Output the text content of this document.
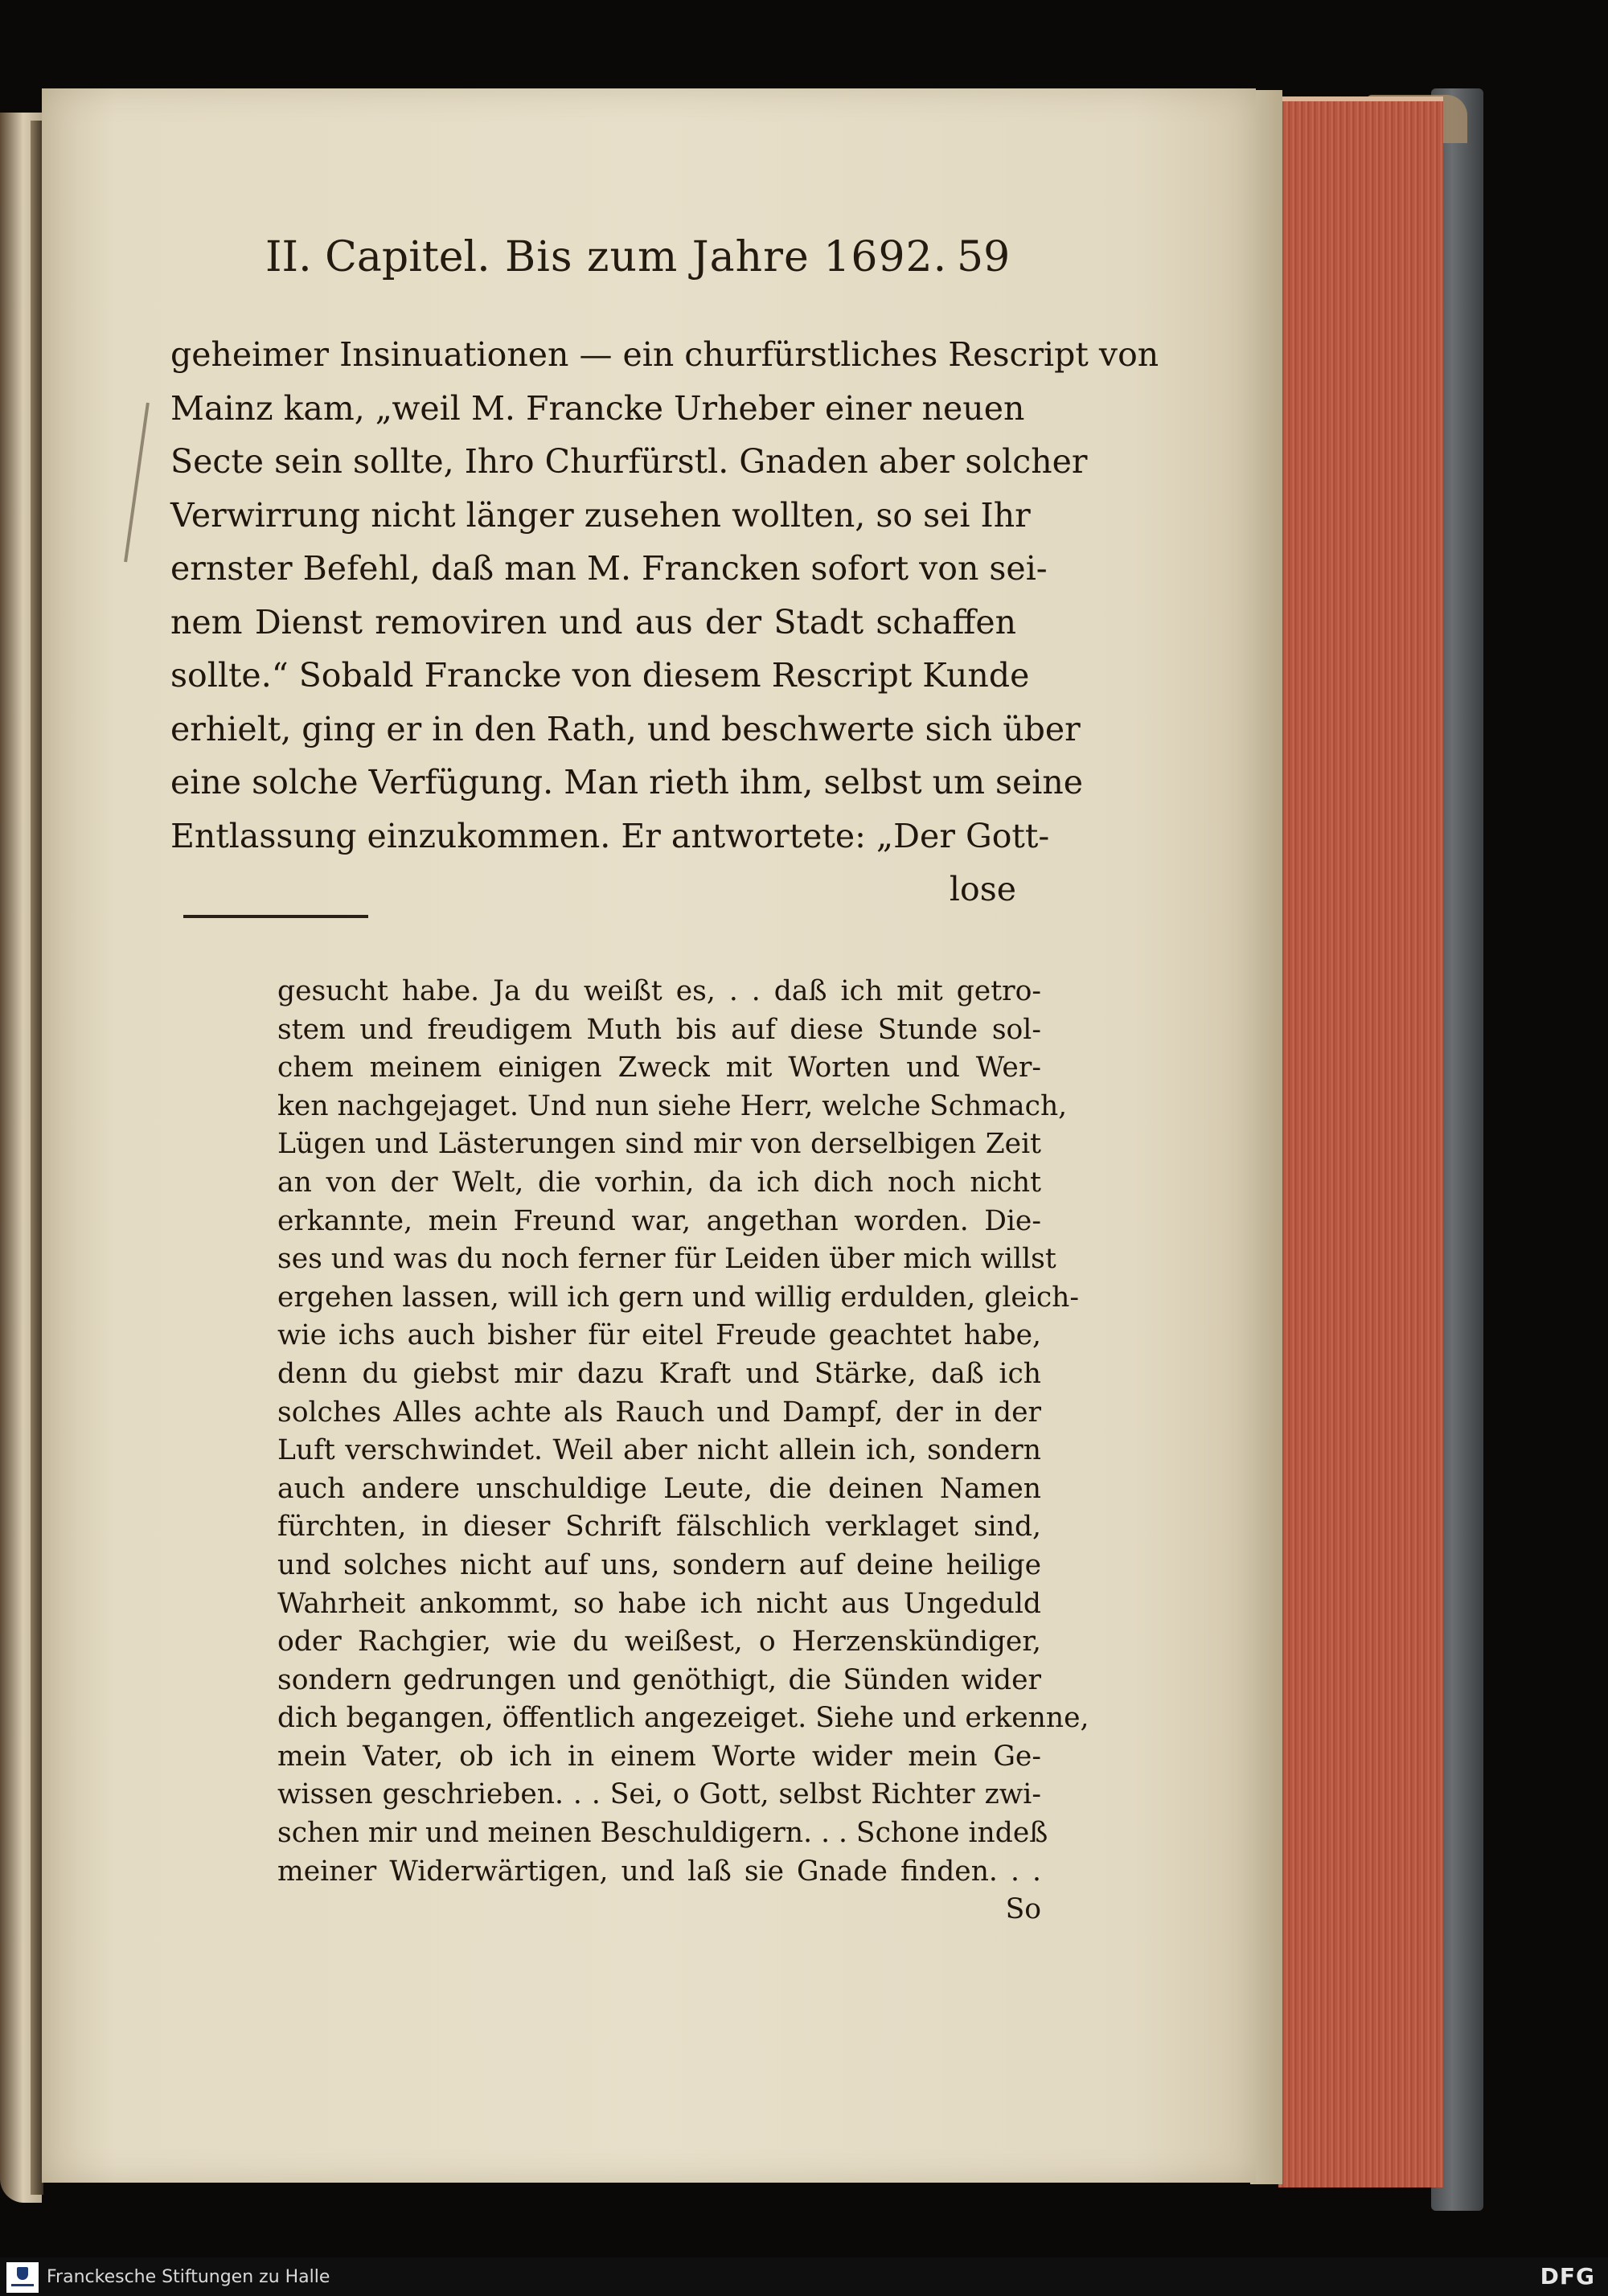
II. Capitel. Bis zum Jahre 1692. 59
geheimer Insinuationen — ein churfürstliches Rescript von
Mainz kam, „weil M. Francke Urheber einer neuen
Secte sein sollte, Ihro Churfürstl. Gnaden aber solcher
Verwirrung nicht länger zusehen wollten, so sei Ihr
ernster Befehl, daß man M. Francken sofort von sei-
nem Dienst removiren und aus der Stadt schaffen
sollte.“ Sobald Francke von diesem Rescript Kunde
erhielt, ging er in den Rath, und beschwerte sich über
eine solche Verfügung. Man rieth ihm, selbst um seine
Entlassung einzukommen. Er antwortete: „Der Gott-
lose
gesucht habe. Ja du weißt es, . . daß ich mit getro-
stem und freudigem Muth bis auf diese Stunde sol-
chem meinem einigen Zweck mit Worten und Wer-
ken nachgejaget. Und nun siehe Herr, welche Schmach,
Lügen und Lästerungen sind mir von derselbigen Zeit
an von der Welt, die vorhin, da ich dich noch nicht
erkannte, mein Freund war, angethan worden. Die-
ses und was du noch ferner für Leiden über mich willst
ergehen lassen, will ich gern und willig erdulden, gleich-
wie ichs auch bisher für eitel Freude geachtet habe,
denn du giebst mir dazu Kraft und Stärke, daß ich
solches Alles achte als Rauch und Dampf, der in der
Luft verschwindet. Weil aber nicht allein ich, sondern
auch andere unschuldige Leute, die deinen Namen
fürchten, in dieser Schrift fälschlich verklaget sind,
und solches nicht auf uns, sondern auf deine heilige
Wahrheit ankommt, so habe ich nicht aus Ungeduld
oder Rachgier, wie du weißest, o Herzenskündiger,
sondern gedrungen und genöthigt, die Sünden wider
dich begangen, öffentlich angezeiget. Siehe und erkenne,
mein Vater, ob ich in einem Worte wider mein Ge-
wissen geschrieben. . . Sei, o Gott, selbst Richter zwi-
schen mir und meinen Beschuldigern. . . Schone indeß
meiner Widerwärtigen, und laß sie Gnade finden. . .
So
Franckesche Stiftungen zu Halle	DFG
